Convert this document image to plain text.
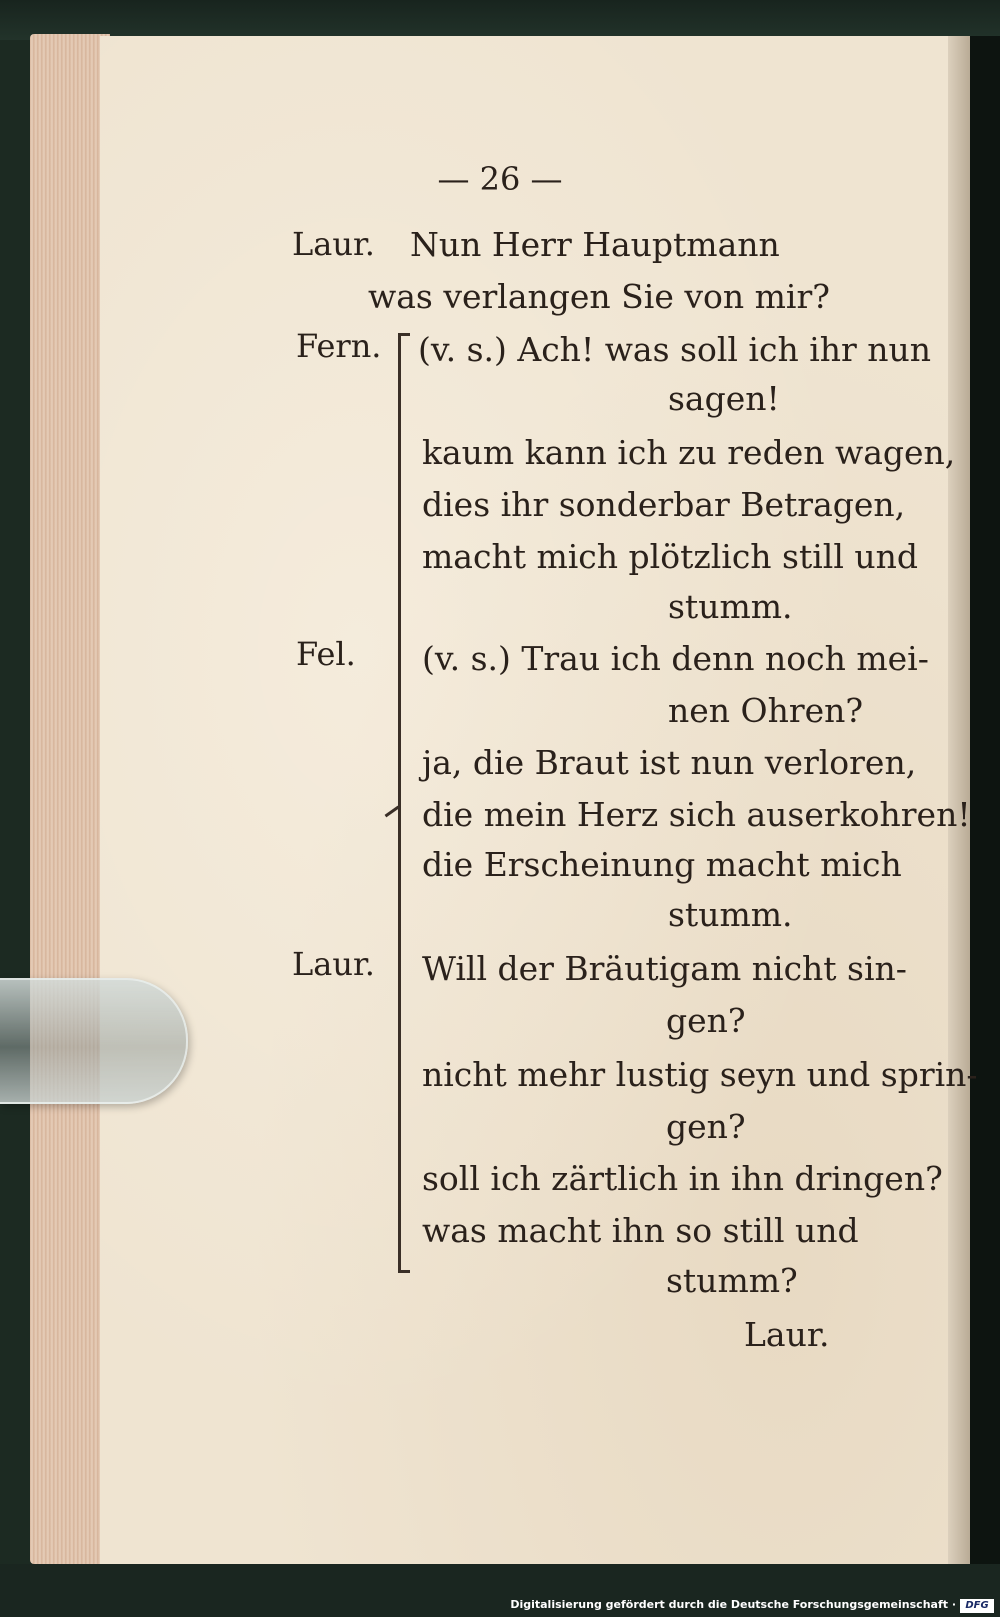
— 26 —
Laur.
Fern.
Fel.
Laur.
Nun Herr Hauptmann
was verlangen Sie von mir?
(v. s.) Ach! was soll ich ihr nun
sagen!
kaum kann ich zu reden wagen,
dies ihr sonderbar Betragen,
macht mich plötzlich still und
stumm.
(v. s.) Trau ich denn noch mei-
nen Ohren?
ja, die Braut ist nun verloren,
die mein Herz sich auserkohren!
die Erscheinung macht mich
stumm.
Will der Bräutigam nicht sin-
gen?
nicht mehr lustig seyn und sprin-
gen?
soll ich zärtlich in ihn dringen?
was macht ihn so still und
stumm?
Laur.
Digitalisierung gefördert durch die Deutsche Forschungsgemeinschaft · DFG
